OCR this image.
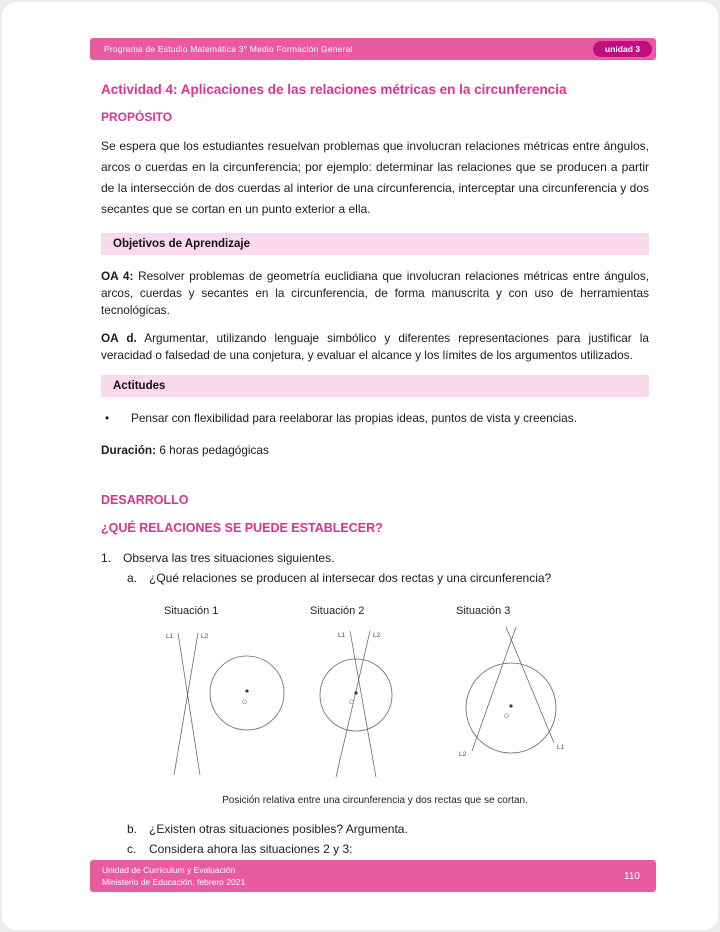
Programa de Estudio Matemática 3° Medio Formación General	unidad 3
Actividad 4: Aplicaciones de las relaciones métricas en la circunferencia
PROPÓSITO

Se espera que los estudiantes resuelvan problemas que involucran relaciones métricas entre ángulos, arcos o cuerdas en la circunferencia; por ejemplo: determinar las relaciones que se producen a partir de la intersección de dos cuerdas al interior de una circunferencia, interceptar una circunferencia y dos secantes que se cortan en un punto exterior a ella.

Objetivos de Aprendizaje

OA 4: Resolver problemas de geometría euclidiana que involucran relaciones métricas entre ángulos, arcos, cuerdas y secantes en la circunferencia, de forma manuscrita y con uso de herramientas tecnológicas.

OA d. Argumentar, utilizando lenguaje simbólico y diferentes representaciones para justificar la veracidad o falsedad de una conjetura, y evaluar el alcance y los límites de los argumentos utilizados.

Actitudes
•	Pensar con flexibilidad para reelaborar las propias ideas, puntos de vista y creencias.

Duración: 6 horas pedagógicas

DESARROLLO
¿QUÉ RELACIONES SE PUEDE ESTABLECER?
1. Observa las tres situaciones siguientes.
a. ¿Qué relaciones se producen al intersecar dos rectas y una circunferencia?
Situación 1
L1	L2
O
Situación 2
L1	L2
O
Situación 3
L2
L1
O
Posición relativa entre una circunferencia y dos rectas que se cortan.
b. ¿Existen otras situaciones posibles? Argumenta.
c.	Considera ahora las situaciones 2 y 3:
Unidad de Currículum y Evaluación
Ministerio de Educación, febrero 2021
110
